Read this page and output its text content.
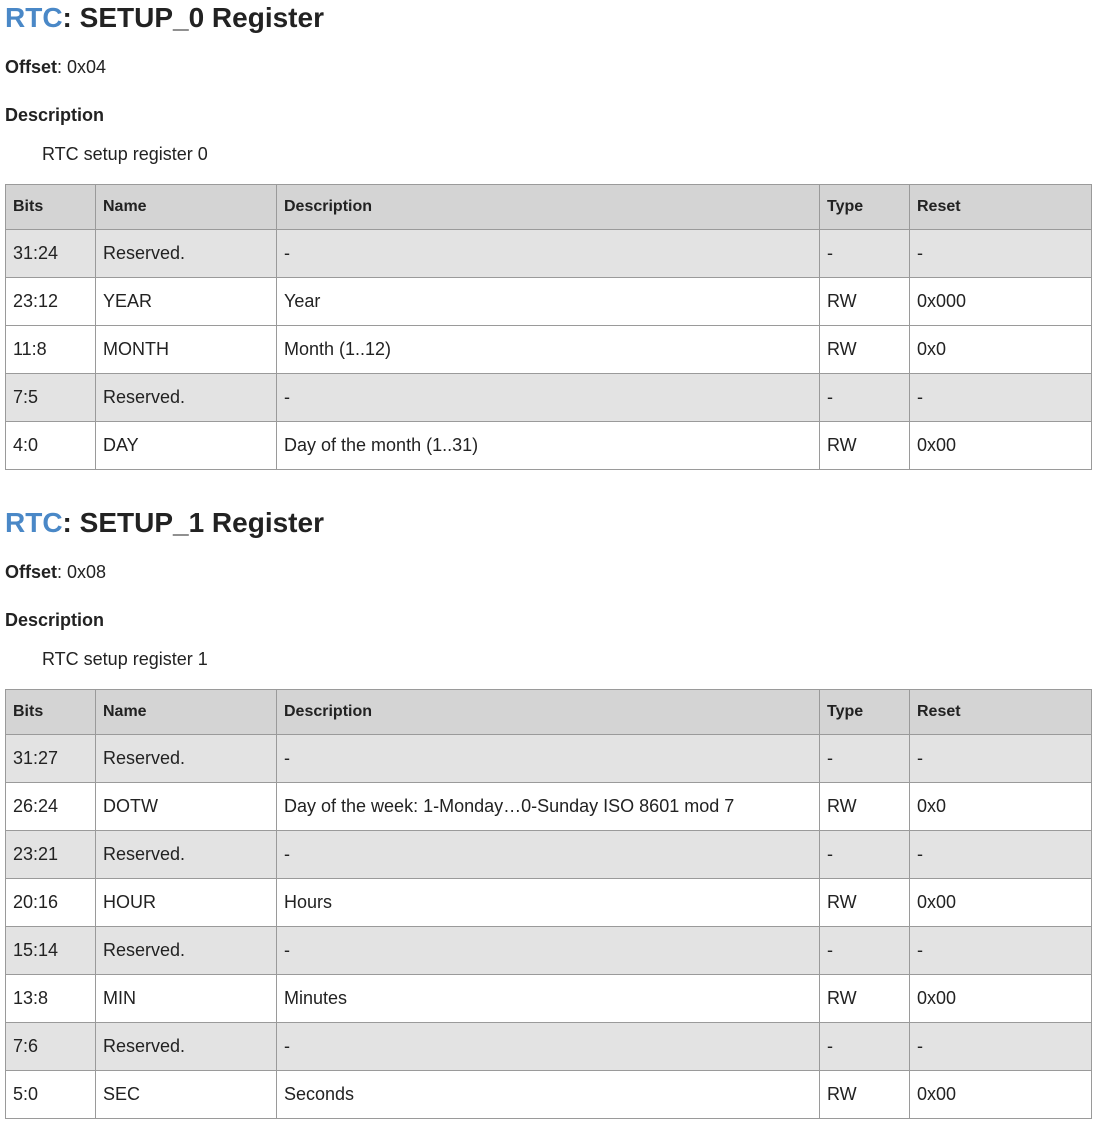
RTC: SETUP_0 Register
Offset: 0x04
Description
RTC setup register 0
Bits	Name	Description	Type	Reset
31:24	Reserved.	-	-	-
23:12	YEAR	Year	RW	0x000
11:8	MONTH	Month (1..12)	RW	0x0
7:5	Reserved.	-	-	-
4:0	DAY	Day of the month (1..31)	RW	0x00
RTC: SETUP_1 Register
Offset: 0x08
Description
RTC setup register 1
Bits	Name	Description	Type	Reset
31:27	Reserved.	-	-	-
26:24	DOTW	Day of the week: 1-Monday…0-Sunday ISO 8601 mod 7	RW	0x0
23:21	Reserved.	-	-	-
20:16	HOUR	Hours	RW	0x00
15:14	Reserved.	-	-	-
13:8	MIN	Minutes	RW	0x00
7:6	Reserved.	-	-	-
5:0	SEC	Seconds	RW	0x00
